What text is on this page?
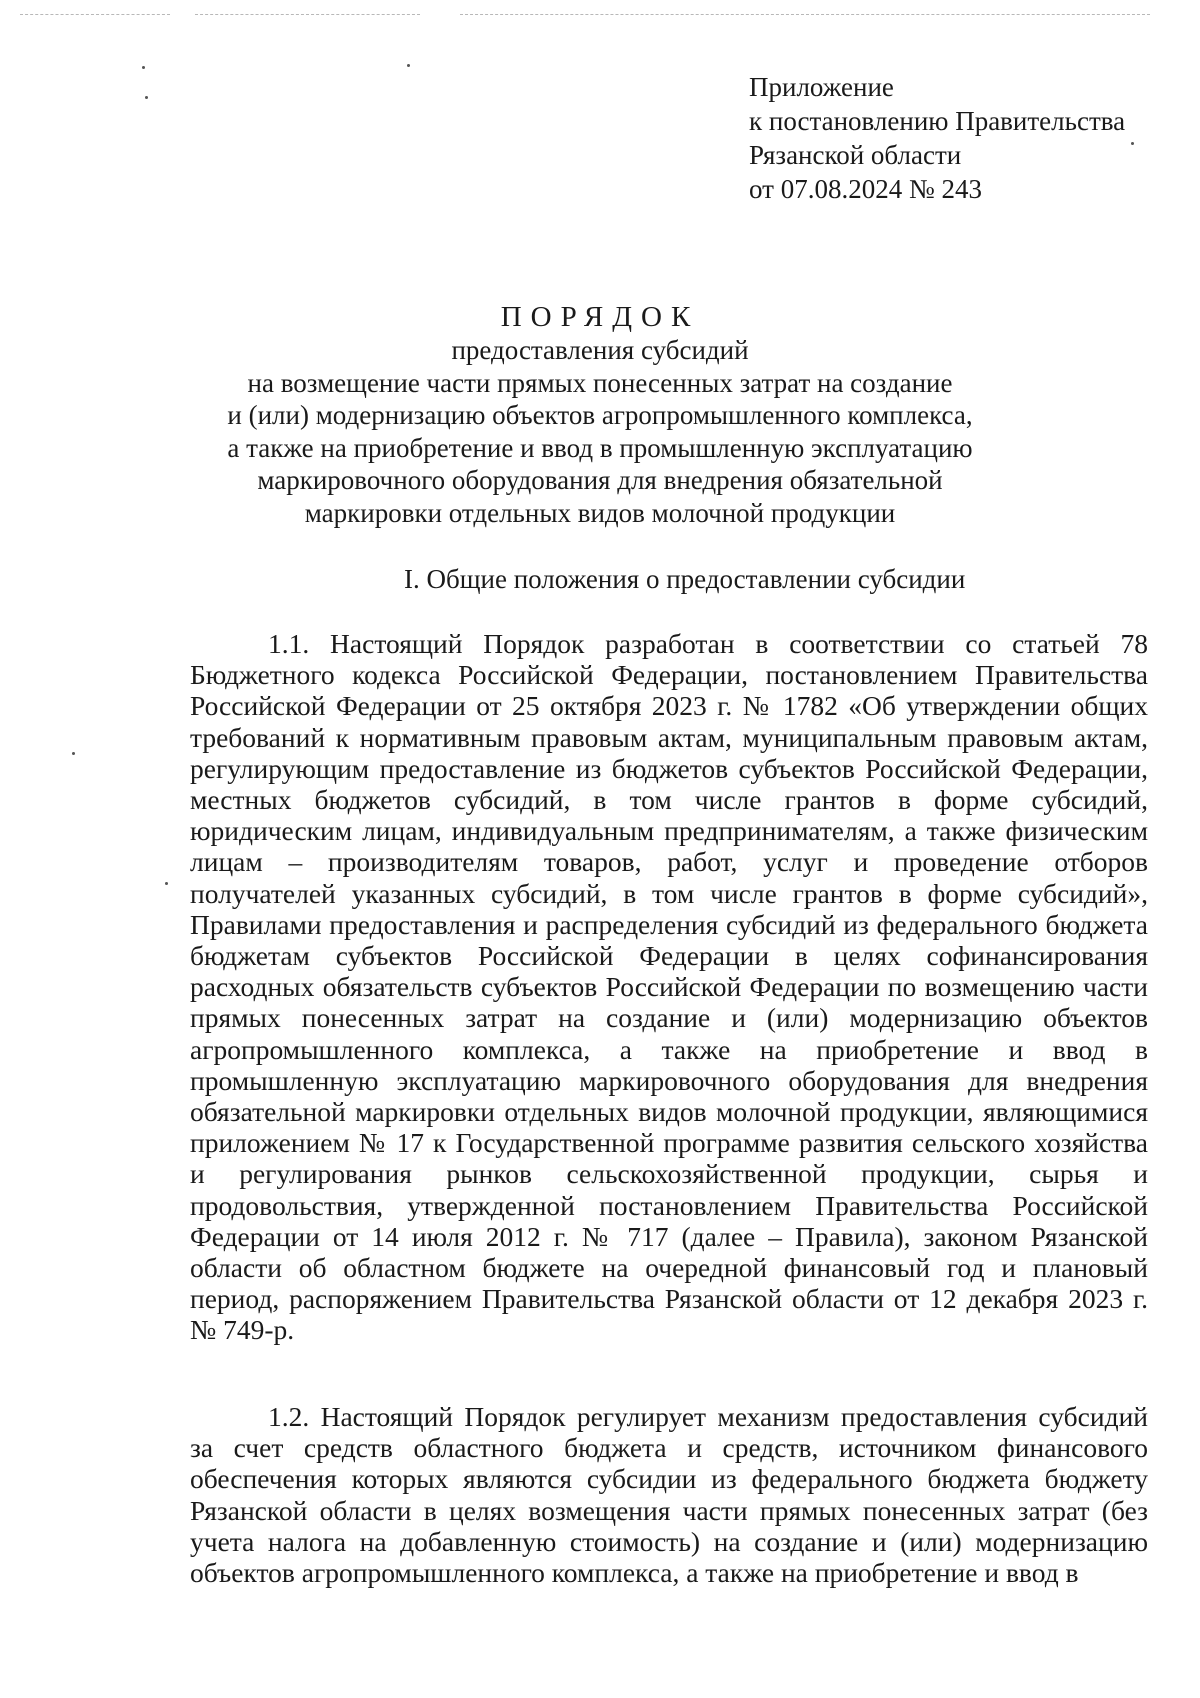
Приложение
к постановлению Правительства
Рязанской области
от 07.08.2024 № 243
ПОРЯДОК
предоставления субсидий
на возмещение части прямых понесенных затрат на создание
и (или) модернизацию объектов агропромышленного комплекса,
а также на приобретение и ввод в промышленную эксплуатацию
маркировочного оборудования для внедрения обязательной
маркировки отдельных видов молочной продукции
I. Общие положения о предоставлении субсидии

1.1. Настоящий Порядок разработан в соответствии со статьей 78 Бюджетного кодекса Российской Федерации, постановлением Правительства Российской Федерации от 25 октября 2023 г. № 1782 «Об утверждении общих требований к нормативным правовым актам, муниципальным правовым актам, регулирующим предоставление из бюджетов субъектов Российской Федерации, местных бюджетов субсидий, в том числе грантов в форме субсидий, юридическим лицам, индивидуальным предпринимателям, а также физическим лицам – производителям товаров, работ, услуг и проведение отборов получателей указанных субсидий, в том числе грантов в форме субсидий», Правилами предоставления и распределения субсидий из федерального бюджета бюджетам субъектов Российской Федерации в целях софинансирования расходных обязательств субъектов Российской Федерации по возмещению части прямых понесенных затрат на создание и (или) модернизацию объектов агропромышленного комплекса, а также на приобретение и ввод в промышленную эксплуатацию маркировочного оборудования для внедрения обязательной маркировки отдельных видов молочной продукции, являющимися приложением № 17 к Государственной программе развития сельского хозяйства и регулирования рынков сельскохозяйственной продукции, сырья и продовольствия, утвержденной постановлением Правительства Российской Федерации от 14 июля 2012 г. № 717 (далее – Правила), законом Рязанской области об областном бюджете на очередной финансовый год и плановый период, распоряжением Правительства Рязанской области от 12 декабря 2023 г. № 749-р.

1.2. Настоящий Порядок регулирует механизм предоставления субсидий за счет средств областного бюджета и средств, источником финансового обеспечения которых являются субсидии из федерального бюджета бюджету Рязанской области в целях возмещения части прямых понесенных затрат (без учета налога на добавленную стоимость) на создание и (или) модернизацию объектов агропромышленного комплекса, а также на приобретение и ввод в
